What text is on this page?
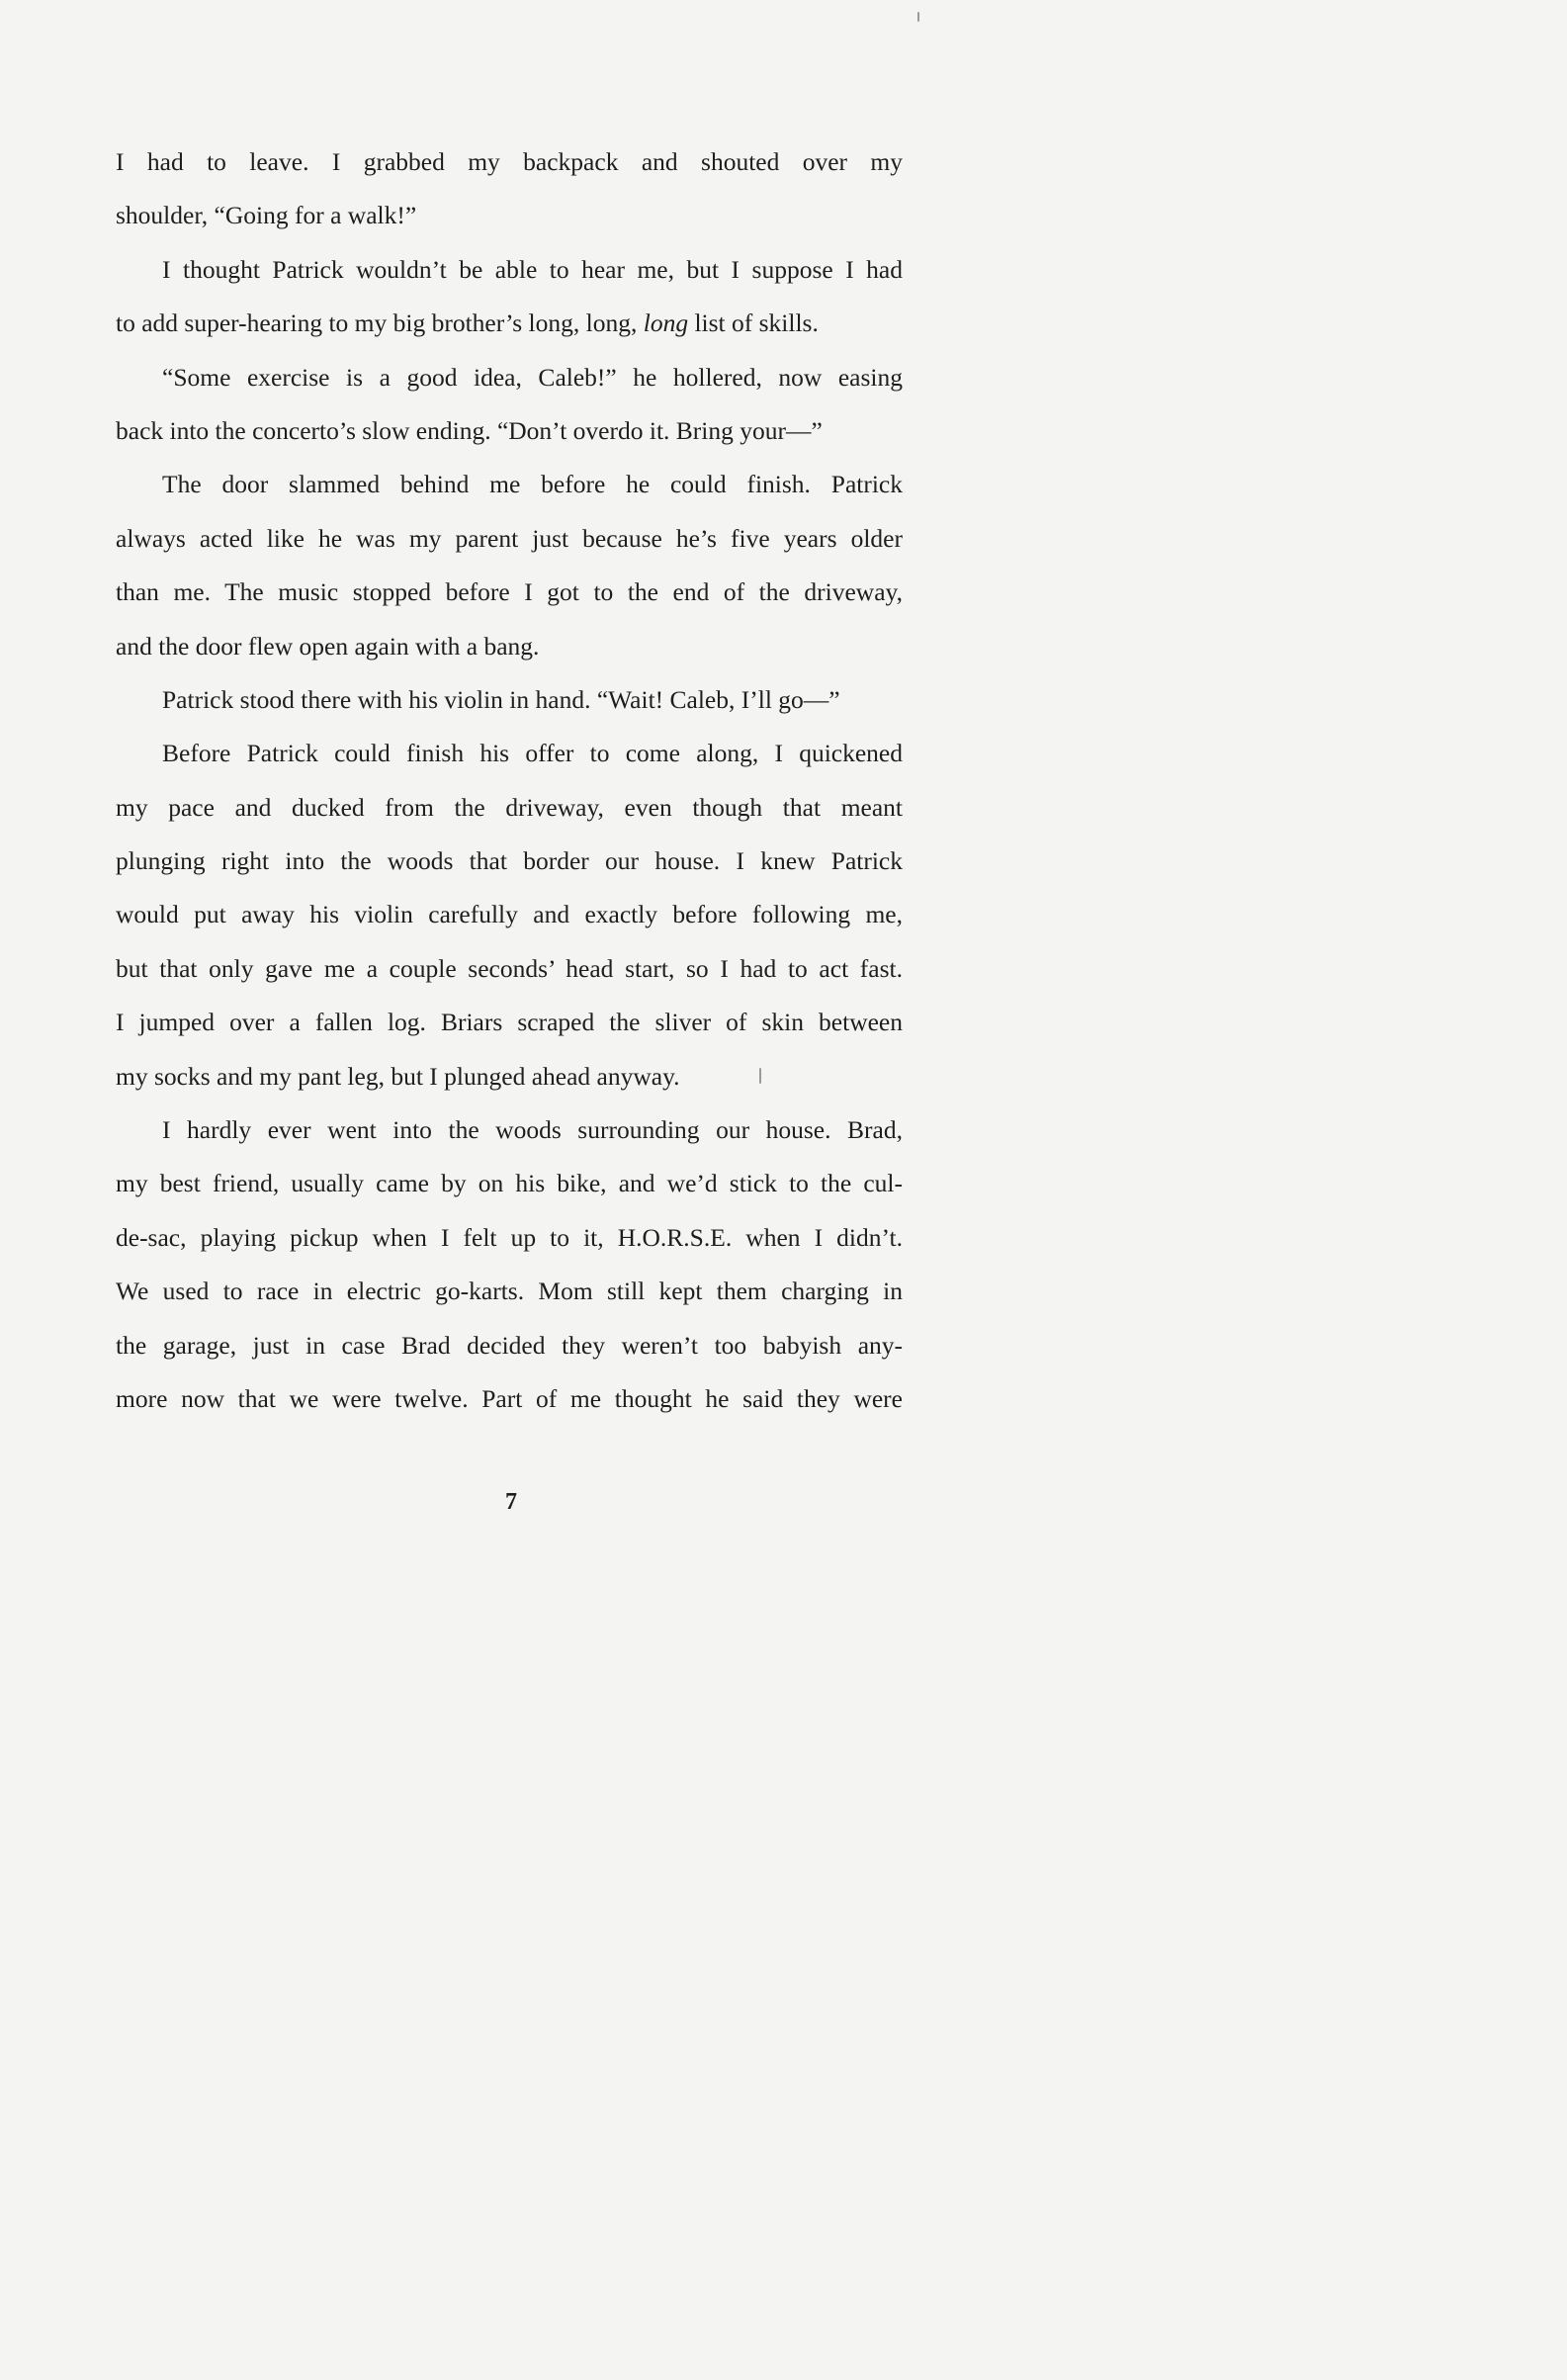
I had to leave. I grabbed my backpack and shouted over my
shoulder, “Going for a walk!”
I thought Patrick wouldn’t be able to hear me, but I suppose I had
to add super-hearing to my big brother’s long, long, long list of skills.
“Some exercise is a good idea, Caleb!” he hollered, now easing
back into the concerto’s slow ending. “Don’t overdo it. Bring your—”
The door slammed behind me before he could finish. Patrick
always acted like he was my parent just because he’s five years older
than me. The music stopped before I got to the end of the driveway,
and the door flew open again with a bang.
Patrick stood there with his violin in hand. “Wait! Caleb, I’ll go—”
Before Patrick could finish his offer to come along, I quickened
my pace and ducked from the driveway, even though that meant
plunging right into the woods that border our house. I knew Patrick
would put away his violin carefully and exactly before following me,
but that only gave me a couple seconds’ head start, so I had to act fast.
I jumped over a fallen log. Briars scraped the sliver of skin between
my socks and my pant leg, but I plunged ahead anyway.
I hardly ever went into the woods surrounding our house. Brad,
my best friend, usually came by on his bike, and we’d stick to the cul-
de-sac, playing pickup when I felt up to it, H.O.R.S.E. when I didn’t.
We used to race in electric go-karts. Mom still kept them charging in
the garage, just in case Brad decided they weren’t too babyish any-
more now that we were twelve. Part of me thought he said they were
7
